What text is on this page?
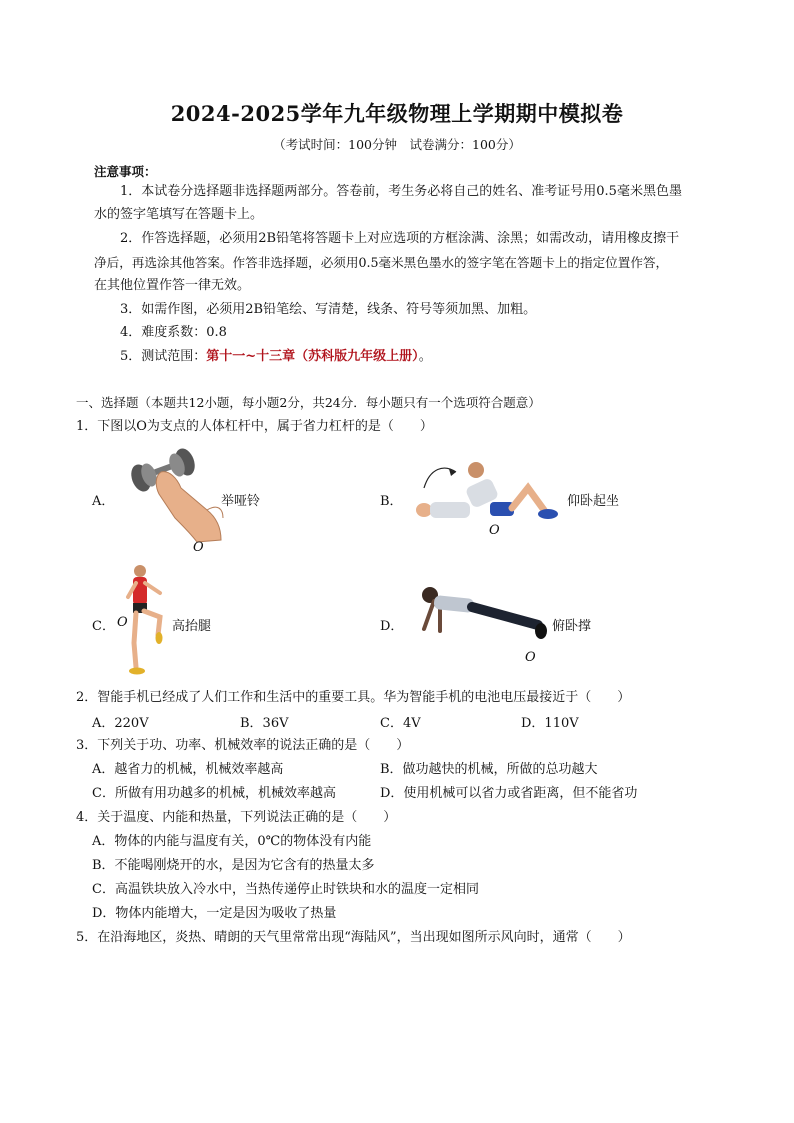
2024-2025学年九年级物理上学期期中模拟卷
（考试时间：100分钟　试卷满分：100分）
注意事项：
1．本试卷分选择题非选择题两部分。答卷前，考生务必将自己的姓名、准考证号用0.5毫米黑色墨
水的签字笔填写在答题卡上。
2．作答选择题，必须用2B铅笔将答题卡上对应选项的方框涂满、涂黑；如需改动，请用橡皮擦干
净后，再选涂其他答案。作答非选择题，必须用0.5毫米黑色墨水的签字笔在答题卡上的指定位置作答，
在其他位置作答一律无效。
3．如需作图，必须用2B铅笔绘、写清楚，线条、符号等须加黑、加粗。
4．难度系数：0.8
5．测试范围：第十一~十三章（苏科版九年级上册）。
一、选择题（本题共12小题，每小题2分，共24分．每小题只有一个选项符合题意）
1．下图以O为支点的人体杠杆中，属于省力杠杆的是（　　）
A．	举哑铃
O
B．	仰卧起坐
O
C． O	高抬腿	D．	俯卧撑
O
2．智能手机已经成了人们工作和生活中的重要工具。华为智能手机的电池电压最接近于（　　）
A．220V	B．36V	C．4V	D．110V
3．下列关于功、功率、机械效率的说法正确的是（　　）
A．越省力的机械，机械效率越高	B．做功越快的机械，所做的总功越大
C．所做有用功越多的机械，机械效率越高	D．使用机械可以省力或省距离，但不能省功
4．关于温度、内能和热量，下列说法正确的是（　　）
A．物体的内能与温度有关，0℃的物体没有内能
B．不能喝刚烧开的水，是因为它含有的热量太多
C．高温铁块放入冷水中，当热传递停止时铁块和水的温度一定相同
D．物体内能增大，一定是因为吸收了热量
5．在沿海地区，炎热、晴朗的天气里常常出现“海陆风”，当出现如图所示风向时，通常（　　）
